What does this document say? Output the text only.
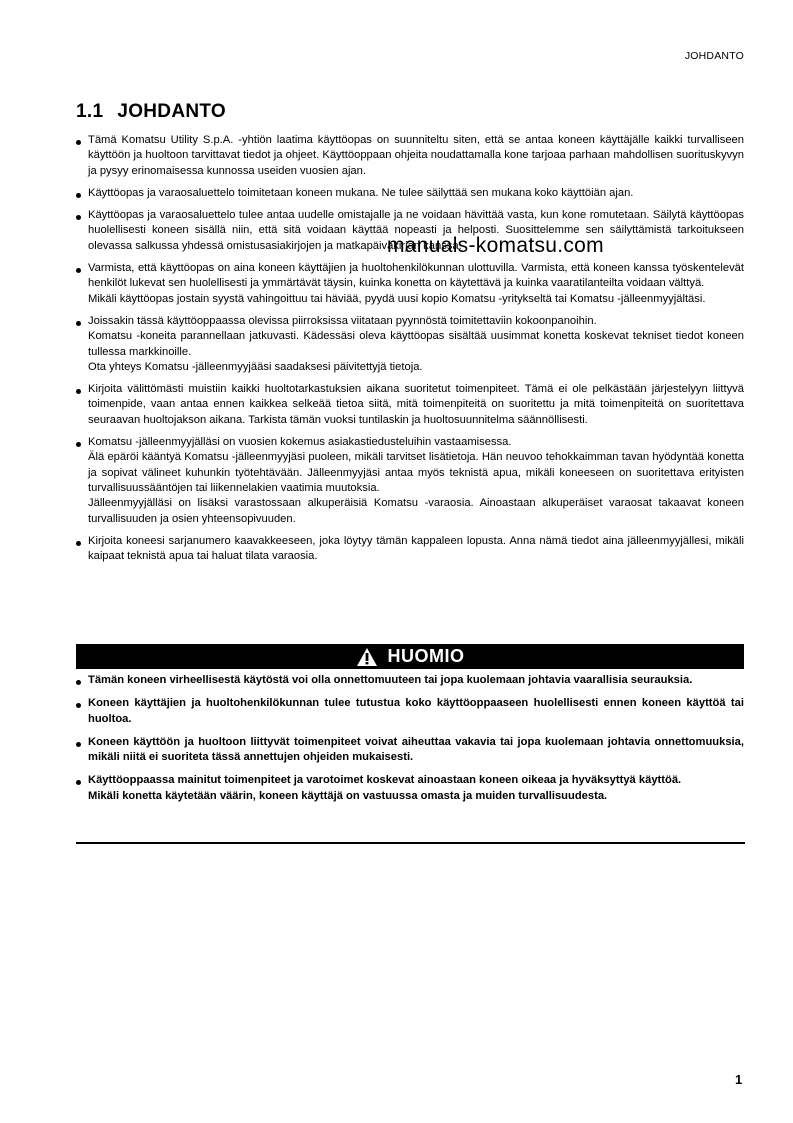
JOHDANTO
1.1 JOHDANTO
Tämä Komatsu Utility S.p.A. -yhtiön laatima käyttöopas on suunniteltu siten, että se antaa koneen käyttäjälle kaikki turvalliseen käyttöön ja huoltoon tarvittavat tiedot ja ohjeet. Käyttöoppaan ohjeita noudattamalla kone tarjoaa parhaan mahdollisen suorituskyvyn ja pysyy erinomaisessa kunnossa useiden vuosien ajan.
Käyttöopas ja varaosaluettelo toimitetaan koneen mukana. Ne tulee säilyttää sen mukana koko käyttöiän ajan.
Käyttöopas ja varaosaluettelo tulee antaa uudelle omistajalle ja ne voidaan hävittää vasta, kun kone romutetaan. Säilytä käyttöopas huolellisesti koneen sisällä niin, että sitä voidaan käyttää nopeasti ja helposti. Suosittelemme sen säilyttämistä tarkoitukseen olevassa salkussa yhdessä omistusasiakirjojen ja matkapäiväkirjan kanssa.
Varmista, että käyttöopas on aina koneen käyttäjien ja huoltohenkilökunnan ulottuvilla. Varmista, että koneen kanssa työskentelevät henkilöt lukevat sen huolellisesti ja ymmärtävät täysin, kuinka konetta on käytettävä ja kuinka vaaratilanteilta voidaan välttyä.
Mikäli käyttöopas jostain syystä vahingoittuu tai häviää, pyydä uusi kopio Komatsu -yritykseltä tai Komatsu -jälleenmyyjältäsi.
Joissakin tässä käyttöoppaassa olevissa piirroksissa viitataan pyynnöstä toimitettaviin kokoonpanoihin.
Komatsu -koneita parannellaan jatkuvasti. Kädessäsi oleva käyttöopas sisältää uusimmat konetta koskevat tekniset tiedot koneen tullessa markkinoille.
Ota yhteys Komatsu -jälleenmyyjääsi saadaksesi päivitettyjä tietoja.
Kirjoita välittömästi muistiin kaikki huoltotarkastuksien aikana suoritetut toimenpiteet. Tämä ei ole pelkästään järjestelyyn liittyvä toimenpide, vaan antaa ennen kaikkea selkeää tietoa siitä, mitä toimenpiteitä on suoritettu ja mitä toimenpiteitä on suoritettava seuraavan huoltojakson aikana. Tarkista tämän vuoksi tuntilaskin ja huoltosuunnitelma säännöllisesti.
Komatsu -jälleenmyyjälläsi on vuosien kokemus asiakastiedusteluihin vastaamisessa.
Älä epäröi kääntyä Komatsu -jälleenmyyjäsi puoleen, mikäli tarvitset lisätietoja. Hän neuvoo tehokkaimman tavan hyödyntää konetta ja sopivat välineet kuhunkin työtehtävään. Jälleenmyyjäsi antaa myös teknistä apua, mikäli koneeseen on suoritettava erityisten turvallisuussääntöjen tai liikennelakien vaatimia muutoksia.
Jälleenmyyjälläsi on lisäksi varastossaan alkuperäisiä Komatsu -varaosia. Ainoastaan alkuperäiset varaosat takaavat koneen turvallisuuden ja osien yhteensopivuuden.
Kirjoita koneesi sarjanumero kaavakkeeseen, joka löytyy tämän kappaleen lopusta. Anna nämä tiedot aina jälleenmyyjällesi, mikäli kaipaat teknistä apua tai haluat tilata varaosia.
manuals-komatsu.com
HUOMIO
Tämän koneen virheellisestä käytöstä voi olla onnettomuuteen tai jopa kuolemaan johtavia vaarallisia seurauksia.
Koneen käyttäjien ja huoltohenkilökunnan tulee tutustua koko käyttöoppaaseen huolellisesti ennen koneen käyttöä tai huoltoa.
Koneen käyttöön ja huoltoon liittyvät toimenpiteet voivat aiheuttaa vakavia tai jopa kuolemaan johtavia onnettomuuksia, mikäli niitä ei suoriteta tässä annettujen ohjeiden mukaisesti.
Käyttöoppaassa mainitut toimenpiteet ja varotoimet koskevat ainoastaan koneen oikeaa ja hyväksyttyä käyttöä.
Mikäli konetta käytetään väärin, koneen käyttäjä on vastuussa omasta ja muiden turvallisuudesta.
1
